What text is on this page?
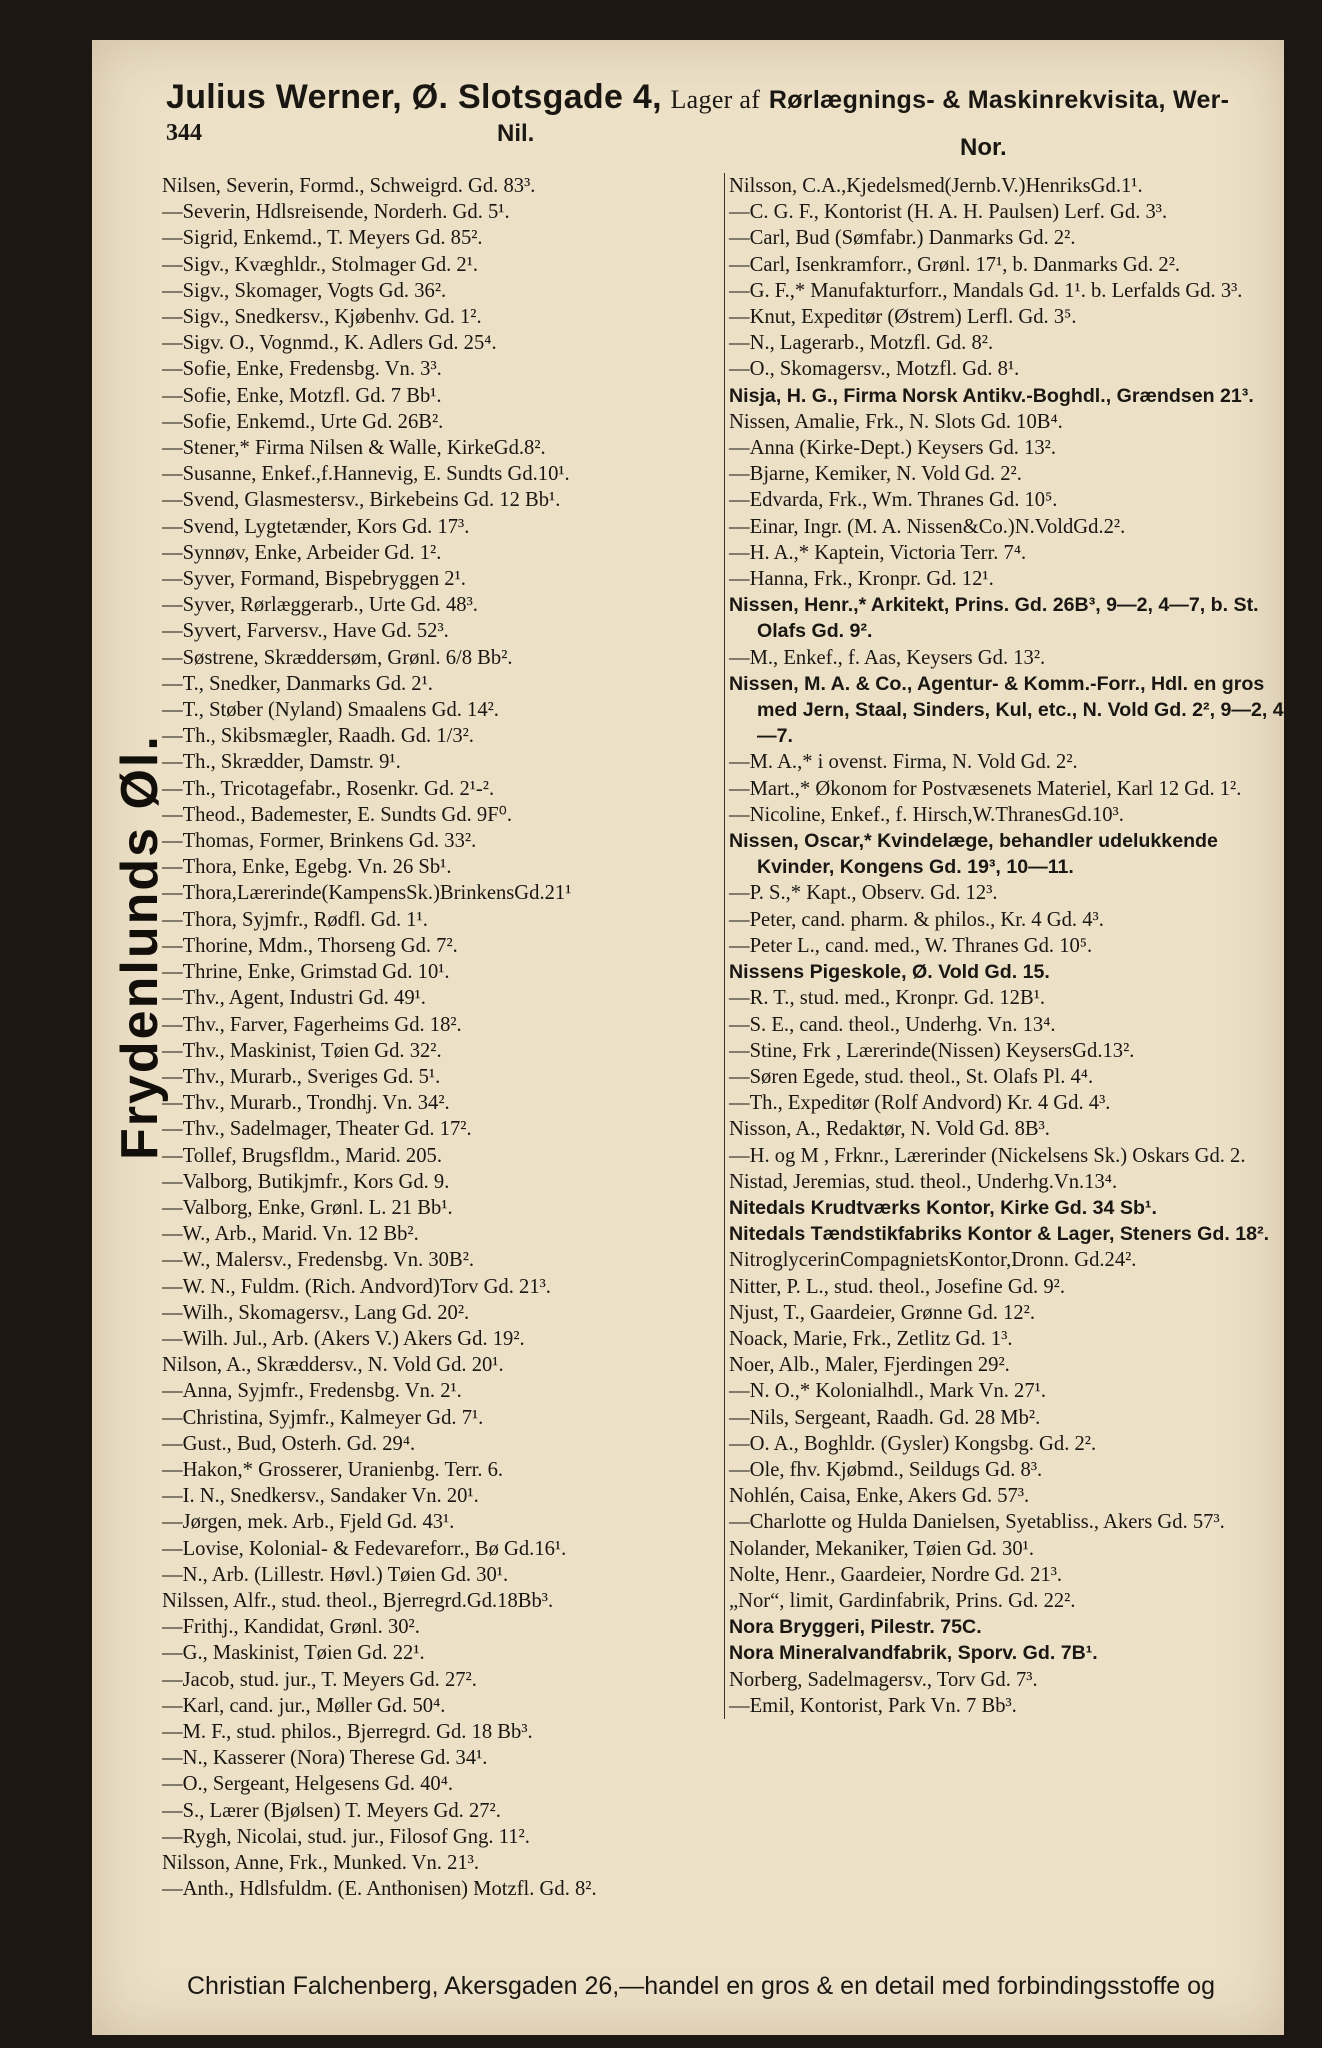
Julius Werner, Ø. Slotsgade 4, Lager af Rørlægnings- & Maskinrekvisita, Wer-
344	Nil.
Nor.
Frydenlunds Øl.
Nilsen, Severin, Formd., Schweigrd. Gd. 83³.
—Severin, Hdlsreisende, Norderh. Gd. 5¹.
—Sigrid, Enkemd., T. Meyers Gd. 85².
—Sigv., Kvæghldr., Stolmager Gd. 2¹.
—Sigv., Skomager, Vogts Gd. 36².
—Sigv., Snedkersv., Kjøbenhv. Gd. 1².
—Sigv. O., Vognmd., K. Adlers Gd. 25⁴.
—Sofie, Enke, Fredensbg. Vn. 3³.
—Sofie, Enke, Motzfl. Gd. 7 Bb¹.
—Sofie, Enkemd., Urte Gd. 26B².
—Stener,* Firma Nilsen & Walle, KirkeGd.8².
—Susanne, Enkef.,f.Hannevig, E. Sundts Gd.10¹.
—Svend, Glasmestersv., Birkebeins Gd. 12 Bb¹.
—Svend, Lygtetænder, Kors Gd. 17³.
—Synnøv, Enke, Arbeider Gd. 1².
—Syver, Formand, Bispebryggen 2¹.
—Syver, Rørlæggerarb., Urte Gd. 48³.
—Syvert, Farversv., Have Gd. 52³.
—Søstrene, Skræddersøm, Grønl. 6/8 Bb².
—T., Snedker, Danmarks Gd. 2¹.
—T., Støber (Nyland) Smaalens Gd. 14².
—Th., Skibsmægler, Raadh. Gd. 1/3².
—Th., Skrædder, Damstr. 9¹.
—Th., Tricotagefabr., Rosenkr. Gd. 2¹-².
—Theod., Bademester, E. Sundts Gd. 9F⁰.
—Thomas, Former, Brinkens Gd. 33².
—Thora, Enke, Egebg. Vn. 26 Sb¹.
—Thora,Lærerinde(KampensSk.)BrinkensGd.21¹
—Thora, Syjmfr., Rødfl. Gd. 1¹.
—Thorine, Mdm., Thorseng Gd. 7².
—Thrine, Enke, Grimstad Gd. 10¹.
—Thv., Agent, Industri Gd. 49¹.
—Thv., Farver, Fagerheims Gd. 18².
—Thv., Maskinist, Tøien Gd. 32².
—Thv., Murarb., Sveriges Gd. 5¹.
—Thv., Murarb., Trondhj. Vn. 34².
—Thv., Sadelmager, Theater Gd. 17².
—Tollef, Brugsfldm., Marid. 205.
—Valborg, Butikjmfr., Kors Gd. 9.
—Valborg, Enke, Grønl. L. 21 Bb¹.
—W., Arb., Marid. Vn. 12 Bb².
—W., Malersv., Fredensbg. Vn. 30B².
—W. N., Fuldm. (Rich. Andvord)Torv Gd. 21³.
—Wilh., Skomagersv., Lang Gd. 20².
—Wilh. Jul., Arb. (Akers V.) Akers Gd. 19².
Nilson, A., Skræddersv., N. Vold Gd. 20¹.
—Anna, Syjmfr., Fredensbg. Vn. 2¹.
—Christina, Syjmfr., Kalmeyer Gd. 7¹.
—Gust., Bud, Osterh. Gd. 29⁴.
—Hakon,* Grosserer, Uranienbg. Terr. 6.
—I. N., Snedkersv., Sandaker Vn. 20¹.
—Jørgen, mek. Arb., Fjeld Gd. 43¹.
—Lovise, Kolonial- & Fedevareforr., Bø Gd.16¹.
—N., Arb. (Lillestr. Høvl.) Tøien Gd. 30¹.
Nilssen, Alfr., stud. theol., Bjerregrd.Gd.18Bb³.
—Frithj., Kandidat, Grønl. 30².
—G., Maskinist, Tøien Gd. 22¹.
—Jacob, stud. jur., T. Meyers Gd. 27².
—Karl, cand. jur., Møller Gd. 50⁴.
—M. F., stud. philos., Bjerregrd. Gd. 18 Bb³.
—N., Kasserer (Nora) Therese Gd. 34¹.
—O., Sergeant, Helgesens Gd. 40⁴.
—S., Lærer (Bjølsen) T. Meyers Gd. 27².
—Rygh, Nicolai, stud. jur., Filosof Gng. 11².
Nilsson, Anne, Frk., Munked. Vn. 21³.
—Anth., Hdlsfuldm. (E. Anthonisen) Motzfl. Gd. 8².
Nilsson, C.A.,Kjedelsmed(Jernb.V.)HenriksGd.1¹.
—C. G. F., Kontorist (H. A. H. Paulsen) Lerf. Gd. 3³.
—Carl, Bud (Sømfabr.) Danmarks Gd. 2².
—Carl, Isenkramforr., Grønl. 17¹, b. Danmarks Gd. 2².
—G. F.,* Manufakturforr., Mandals Gd. 1¹. b. Lerfalds Gd. 3³.
—Knut, Expeditør (Østrem) Lerfl. Gd. 3⁵.
—N., Lagerarb., Motzfl. Gd. 8².
—O., Skomagersv., Motzfl. Gd. 8¹.
Nisja, H. G., Firma Norsk Antikv.-Boghdl., Grændsen 21³.
Nissen, Amalie, Frk., N. Slots Gd. 10B⁴.
—Anna (Kirke-Dept.) Keysers Gd. 13².
—Bjarne, Kemiker, N. Vold Gd. 2².
—Edvarda, Frk., Wm. Thranes Gd. 10⁵.
—Einar, Ingr. (M. A. Nissen&Co.)N.VoldGd.2².
—H. A.,* Kaptein, Victoria Terr. 7⁴.
—Hanna, Frk., Kronpr. Gd. 12¹.
Nissen, Henr.,* Arkitekt, Prins. Gd. 26B³, 9—2, 4—7, b. St. Olafs Gd. 9².
—M., Enkef., f. Aas, Keysers Gd. 13².
Nissen, M. A. & Co., Agentur- & Komm.-Forr., Hdl. en gros med Jern, Staal, Sinders, Kul, etc., N. Vold Gd. 2², 9—2, 4—7.
—M. A.,* i ovenst. Firma, N. Vold Gd. 2².
—Mart.,* Økonom for Postvæsenets Materiel, Karl 12 Gd. 1².
—Nicoline, Enkef., f. Hirsch,W.ThranesGd.10³.
Nissen, Oscar,* Kvindelæge, behandler udelukkende Kvinder, Kongens Gd. 19³, 10—11.
—P. S.,* Kapt., Observ. Gd. 12³.
—Peter, cand. pharm. & philos., Kr. 4 Gd. 4³.
—Peter L., cand. med., W. Thranes Gd. 10⁵.
Nissens Pigeskole, Ø. Vold Gd. 15.
—R. T., stud. med., Kronpr. Gd. 12B¹.
—S. E., cand. theol., Underhg. Vn. 13⁴.
—Stine, Frk , Lærerinde(Nissen) KeysersGd.13².
—Søren Egede, stud. theol., St. Olafs Pl. 4⁴.
—Th., Expeditør (Rolf Andvord) Kr. 4 Gd. 4³.
Nisson, A., Redaktør, N. Vold Gd. 8B³.
—H. og M , Frknr., Lærerinder (Nickelsens Sk.) Oskars Gd. 2.
Nistad, Jeremias, stud. theol., Underhg.Vn.13⁴.
Nitedals Krudtværks Kontor, Kirke Gd. 34 Sb¹.
Nitedals Tændstikfabriks Kontor & Lager, Steners Gd. 18².
NitroglycerinCompagnietsKontor,Dronn. Gd.24².
Nitter, P. L., stud. theol., Josefine Gd. 9².
Njust, T., Gaardeier, Grønne Gd. 12².
Noack, Marie, Frk., Zetlitz Gd. 1³.
Noer, Alb., Maler, Fjerdingen 29².
—N. O.,* Kolonialhdl., Mark Vn. 27¹.
—Nils, Sergeant, Raadh. Gd. 28 Mb².
—O. A., Boghldr. (Gysler) Kongsbg. Gd. 2².
—Ole, fhv. Kjøbmd., Seildugs Gd. 8³.
Nohlén, Caisa, Enke, Akers Gd. 57³.
—Charlotte og Hulda Danielsen, Syetabliss., Akers Gd. 57³.
Nolander, Mekaniker, Tøien Gd. 30¹.
Nolte, Henr., Gaardeier, Nordre Gd. 21³.
„Nor“, limit, Gardinfabrik, Prins. Gd. 22².
Nora Bryggeri, Pilestr. 75C.
Nora Mineralvandfabrik, Sporv. Gd. 7B¹.
Norberg, Sadelmagersv., Torv Gd. 7³.
—Emil, Kontorist, Park Vn. 7 Bb³.
Christian Falchenberg, Akersgaden 26,—handel en gros & en detail med forbindingsstoffe og
